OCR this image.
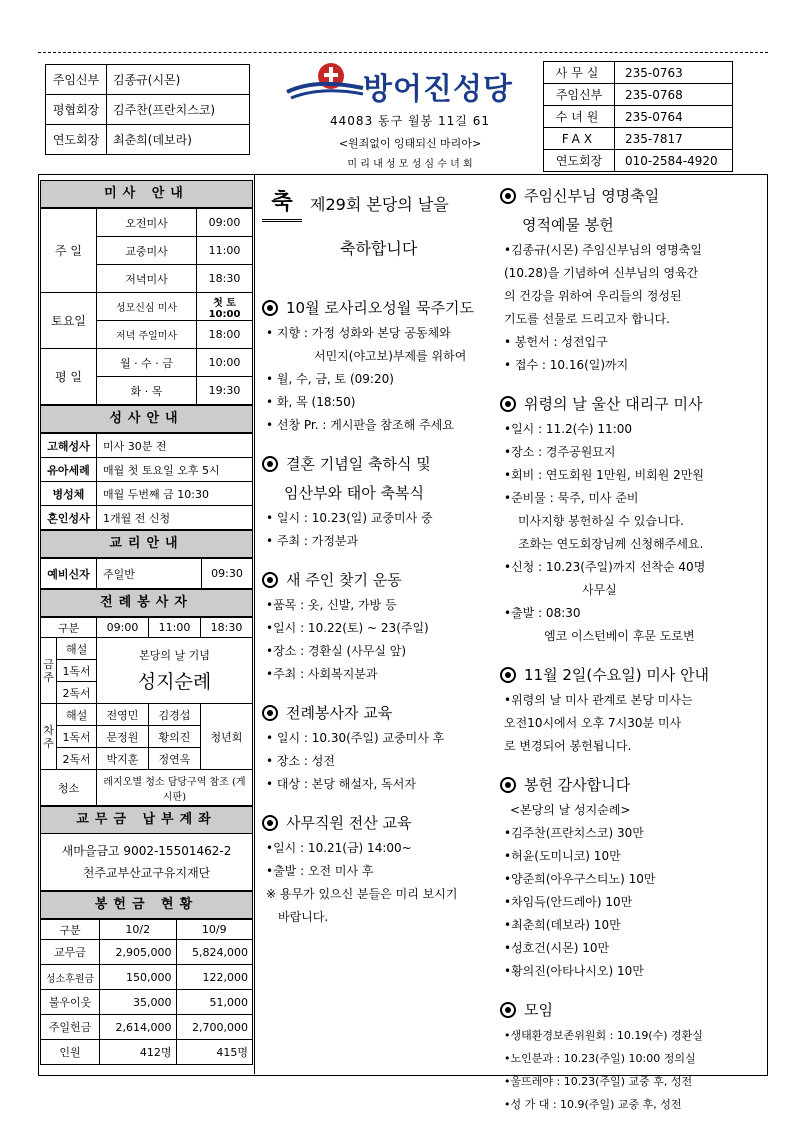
주임신부	김종규(시몬)
평협회장	김주찬(프란치스코)
연도회장	최춘희(데보라)
방어진성당
44083 동구 월봉 11길 61
<원죄없이 잉태되신 마리아>
미 리 내 성 모 성 심 수 녀 회
사무실	235-0763
주임신부	235-0768
수녀원	235-0764
FAX	235-7817
연도회장	010-2584-4920
미사 안내
주 일	오전미사	09:00
	교중미사	11:00
	저녁미사	18:30
토요일	성모신심 미사	첫 토 10:00
	저녁 주일미사	18:00
평 일	월 · 수 · 금	10:00
	화 · 목	19:30
성사안내
고해성사	미사 30분 전
유아세례	매월 첫 토요일 오후 5시
병성체	매월 두번째 금 10:30
혼인성사	1개월 전 신청
교리안내
예비신자	주일반	09:30
전례봉사자
구분		09:00	11:00	18:30
금주	해설	본당의 날 기념
성지순례		

	1독서			
	2독서			
차주	해설	전영민	김경섭	청년회
	1독서	문정원	황의진	
	2독서	박지훈	정연옥	
청소		레지오별 청소 담당구역 참조 (게시판)		
교무금 납부계좌
새마을금고 9002-15501462-2
천주교부산교구유지재단
봉헌금 현황
구분	10/2	10/9
교무금	2,905,000	5,824,000
성소후원금	150,000	122,000
불우이웃	35,000	51,000
주일헌금	2,614,000	2,700,000
인원	412명	415명
축	제29회 본당의 날을
축하합니다
10월 로사리오성월 묵주기도
• 지향 : 가정 성화와 본당 공동체와
서민지(야고보)부제를 위하여
• 월, 수, 금, 토 (09:20)
• 화, 목 (18:50)
• 선창 Pr. : 게시판을 참조해 주세요
결혼 기념일 축하식 및
임산부와 태아 축복식
• 일시 : 10.23(일) 교중미사 중
• 주최 : 가정분과
새 주인 찾기 운동
•품목 : 옷, 신발, 가방 등
•일시 : 10.22(토) ~ 23(주일)
•장소 : 경환실 (사무실 앞)
•주최 : 사회복지분과
전례봉사자 교육
• 일시 : 10.30(주일) 교중미사 후
• 장소 : 성전
• 대상 : 본당 해설자, 독서자
사무직원 전산 교육
•일시 : 10.21(금) 14:00~
•출발 : 오전 미사 후
※ 용무가 있으신 분들은 미리 보시기
바랍니다.
주임신부님 영명축일
영적예물 봉헌
•김종규(시몬) 주임신부님의 영명축일
(10.28)을 기념하여 신부님의 영육간
의 건강을 위하여 우리들의 정성된
기도를 선물로 드리고자 합니다.
• 봉헌서 : 성전입구
• 접수 : 10.16(일)까지
위령의 날 울산 대리구 미사
•일시 : 11.2(수) 11:00
•장소 : 경주공원묘지
•회비 : 연도회원 1만원, 비회원 2만원
•준비물 : 묵주, 미사 준비
미사지향 봉헌하실 수 있습니다.
조화는 연도회장님께 신청해주세요.
•신청 : 10.23(주일)까지 선착순 40명
사무실
•출발 : 08:30
엠코 이스턴베이 후문 도로변
11월 2일(수요일) 미사 안내
•위령의 날 미사 관계로 본당 미사는
오전10시에서 오후 7시30분 미사
로 변경되어 봉헌됩니다.
봉헌 감사합니다
<본당의 날 성지순례>
•김주찬(프란치스코) 30만
•허윤(도미니코) 10만
•양준희(아우구스티노) 10만
•차임득(안드레아) 10만
•최춘희(데보라) 10만
•성호건(시몬) 10만
•황의진(아타나시오) 10만
모임
•생태환경보존위원회 : 10.19(수) 경환실
•노인분과 : 10.23(주일) 10:00 정의실
•울뜨레야 : 10.23(주일) 교중 후, 성전
•성 가 대 : 10.9(주일) 교중 후, 성전
